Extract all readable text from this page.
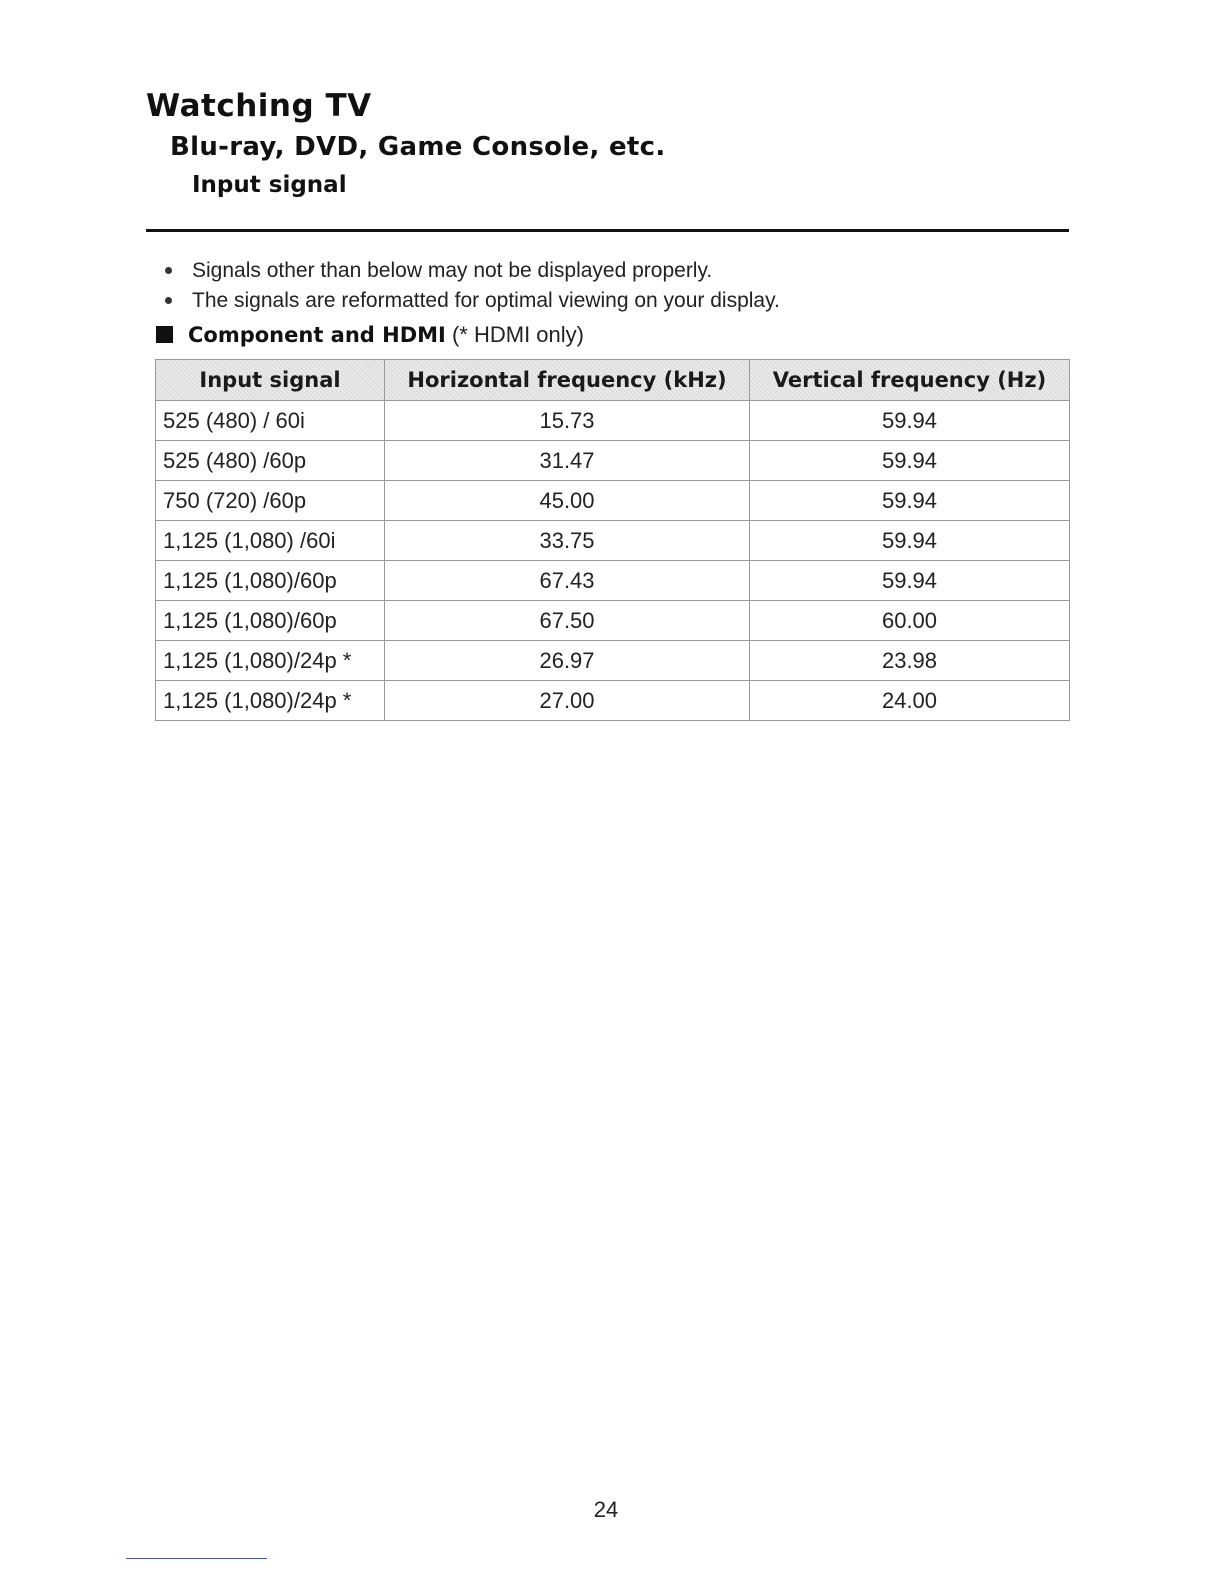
Watching TV
Blu-ray, DVD, Game Console, etc.
Input signal
Signals other than below may not be displayed properly.
The signals are reformatted for optimal viewing on your display.
Component and HDMI (* HDMI only)
Input signal	Horizontal frequency (kHz)	Vertical frequency (Hz)
525 (480) / 60i	15.73	59.94
525 (480) /60p	31.47	59.94
750 (720) /60p	45.00	59.94
1,125 (1,080) /60i	33.75	59.94
1,125 (1,080)/60p	67.43	59.94
1,125 (1,080)/60p	67.50	60.00
1,125 (1,080)/24p *	26.97	23.98
1,125 (1,080)/24p *	27.00	24.00
24
